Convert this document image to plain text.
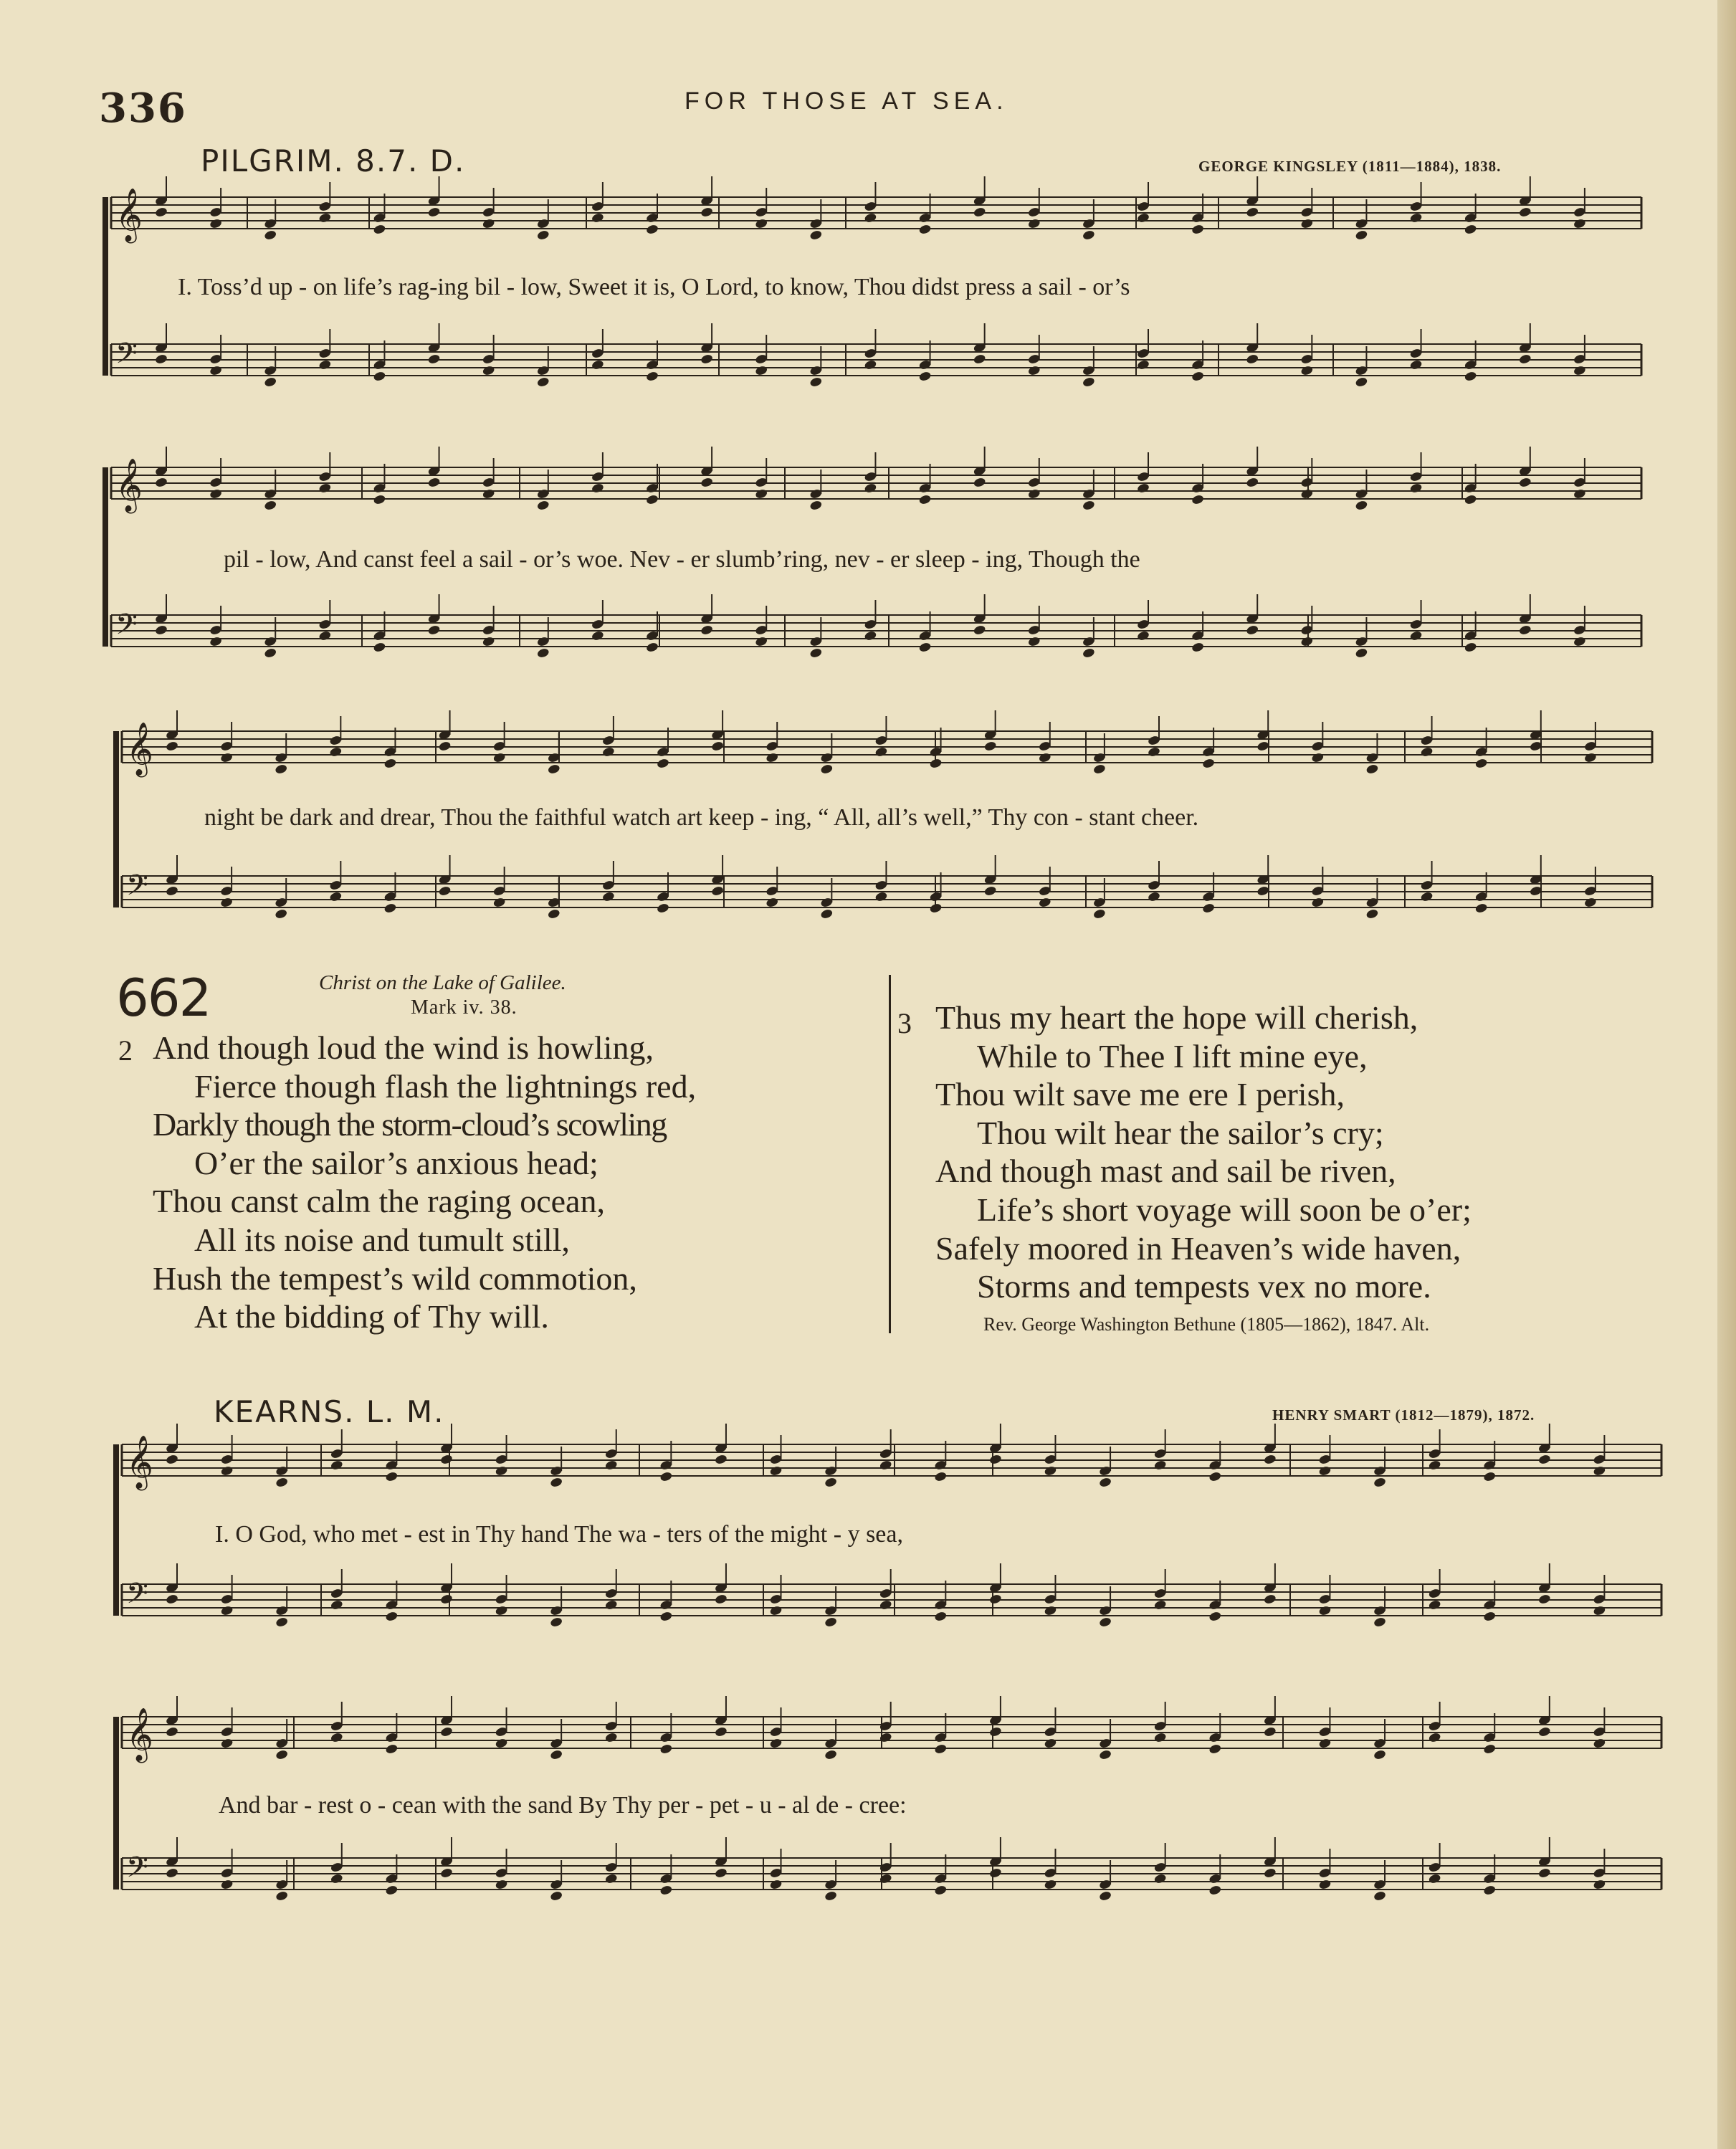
336	FOR THOSE AT SEA.
PILGRIM. 8.7. D.	GEORGE KINGSLEY (1811—1884), 1838.
I. Toss’d up - on life’s rag-ing bil - low, Sweet it is, O Lord, to know, Thou didst press a sail - or’s
pil - low, And canst feel a sail - or’s woe. Nev - er slumb’ring, nev - er sleep - ing, Though the
night be dark and drear, Thou the faithful watch art keep - ing, “ All, all’s well,” Thy con - stant cheer.
662	Christ on the Lake of Galilee.
Mark iv. 38.
2 And though loud the wind is howling,
Fierce though flash the lightnings red,
Darkly though the storm-cloud’s scowling
O’er the sailor’s anxious head;
Thou canst calm the raging ocean,
All its noise and tumult still,
Hush the tempest’s wild commotion,
At the bidding of Thy will.
3 Thus my heart the hope will cherish,
While to Thee I lift mine eye,
Thou wilt save me ere I perish,
Thou wilt hear the sailor’s cry;
And though mast and sail be riven,
Life’s short voyage will soon be o’er;
Safely moored in Heaven’s wide haven,
Storms and tempests vex no more.
Rev. George Washington Bethune (1805—1862), 1847. Alt.
KEARNS. L. M.	HENRY SMART (1812—1879), 1872.
I. O God, who met - est in Thy hand The wa - ters of the might - y sea,
And bar - rest o - cean with the sand By Thy per - pet - u - al de - cree:
𝄞
𝄢
𝄞
𝄢
𝄞
𝄢
𝄞
𝄢
𝄞
𝄢
